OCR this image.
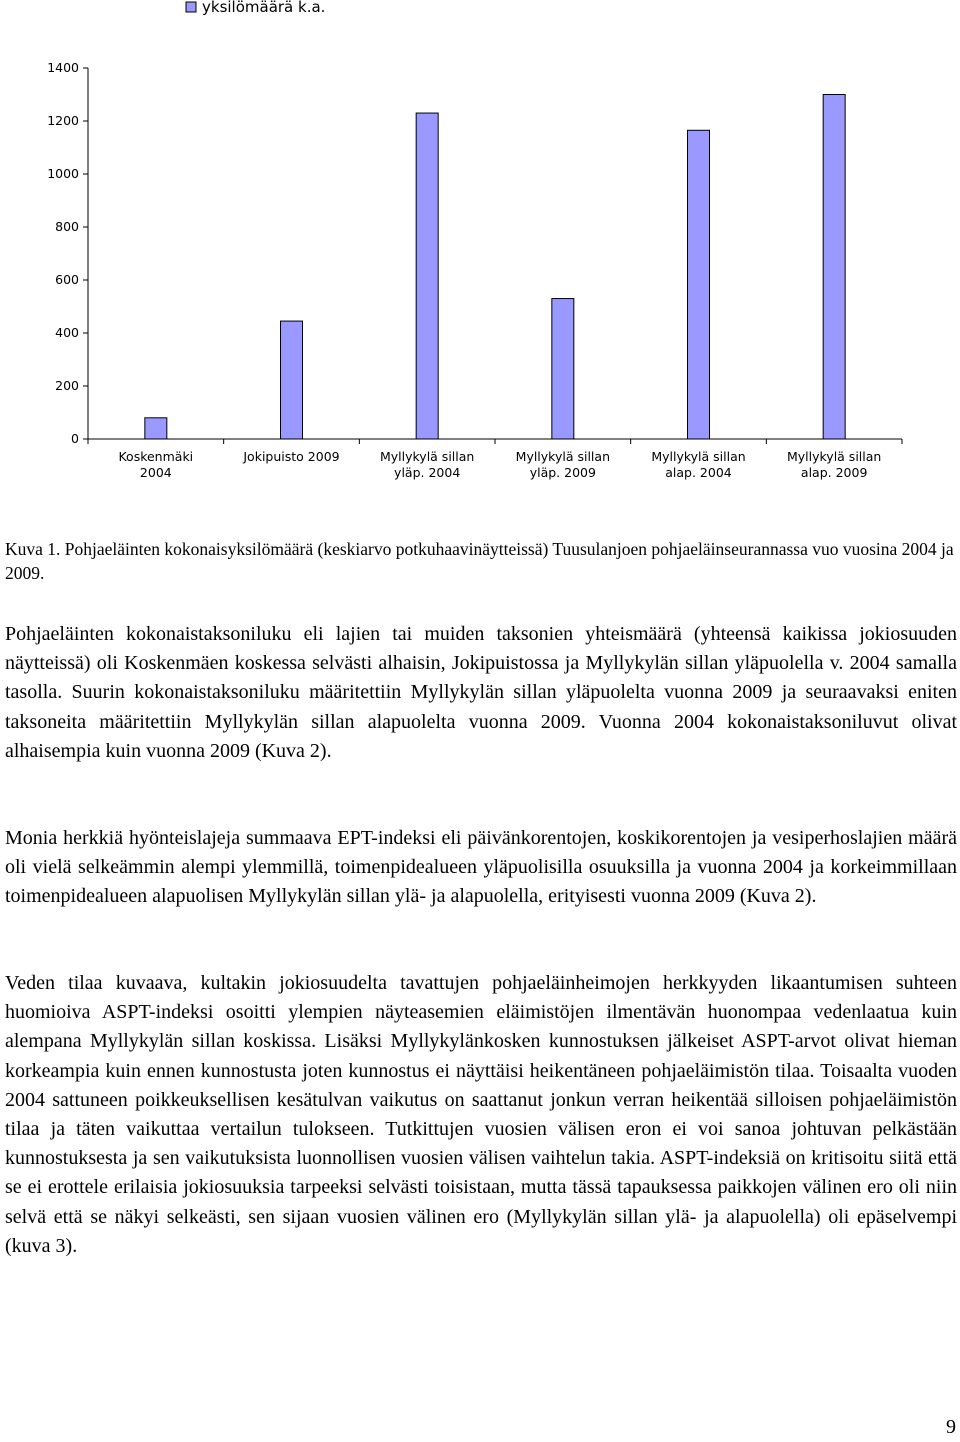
yksilömäärä k.a.
0
200
400
600
800
1000
1200
1400
Koskenmäki
2004
Jokipuisto 2009	Myllykylä sillan
yläp. 2004
Myllykylä sillan
yläp. 2009
Myllykylä sillan
alap. 2004
Myllykylä sillan
alap. 2009

Kuva 1. Pohjaeläinten kokonaisyksilömäärä (keskiarvo potkuhaavinäytteissä) Tuusulanjoen pohjaeläinseurannassa vuo vuosina 2004 ja 2009.

Pohjaeläinten kokonaistaksoniluku eli lajien tai muiden taksonien yhteismäärä (yhteensä kaikissa jokiosuuden näytteissä) oli Koskenmäen koskessa selvästi alhaisin, Jokipuistossa ja Myllykylän sillan yläpuolella v. 2004 samalla tasolla. Suurin kokonaistaksoniluku määritettiin Myllykylän sillan yläpuolelta vuonna 2009 ja seuraavaksi eniten taksoneita määritettiin Myllykylän sillan alapuolelta vuonna 2009. Vuonna 2004 kokonaistaksoniluvut olivat alhaisempia kuin vuonna 2009 (Kuva 2).

Monia herkkiä hyönteislajeja summaava EPT-indeksi eli päivänkorentojen, koskikorentojen ja vesiperhoslajien määrä oli vielä selkeämmin alempi ylemmillä, toimenpidealueen yläpuolisilla osuuksilla ja vuonna 2004 ja korkeimmillaan toimenpidealueen alapuolisen Myllykylän sillan ylä- ja alapuolella, erityisesti vuonna 2009 (Kuva 2).

Veden tilaa kuvaava, kultakin jokiosuudelta tavattujen pohjaeläinheimojen herkkyyden likaantumisen suhteen huomioiva ASPT-indeksi osoitti ylempien näyteasemien eläimistöjen ilmentävän huonompaa vedenlaatua kuin alempana Myllykylän sillan koskissa. Lisäksi Myllykylänkosken kunnostuksen jälkeiset ASPT-arvot olivat hieman korkeampia kuin ennen kunnostusta joten kunnostus ei näyttäisi heikentäneen pohjaeläimistön tilaa. Toisaalta vuoden 2004 sattuneen poikkeuksellisen kesätulvan vaikutus on saattanut jonkun verran heikentää silloisen pohjaeläimistön tilaa ja täten vaikuttaa vertailun tulokseen. Tutkittujen vuosien välisen eron ei voi sanoa johtuvan pelkästään kunnostuksesta ja sen vaikutuksista luonnollisen vuosien välisen vaihtelun takia. ASPT-indeksiä on kritisoitu siitä että se ei erottele erilaisia jokiosuuksia tarpeeksi selvästi toisistaan, mutta tässä tapauksessa paikkojen välinen ero oli niin selvä että se näkyi selkeästi, sen sijaan vuosien välinen ero (Myllykylän sillan ylä- ja alapuolella) oli epäselvempi (kuva 3).

9
